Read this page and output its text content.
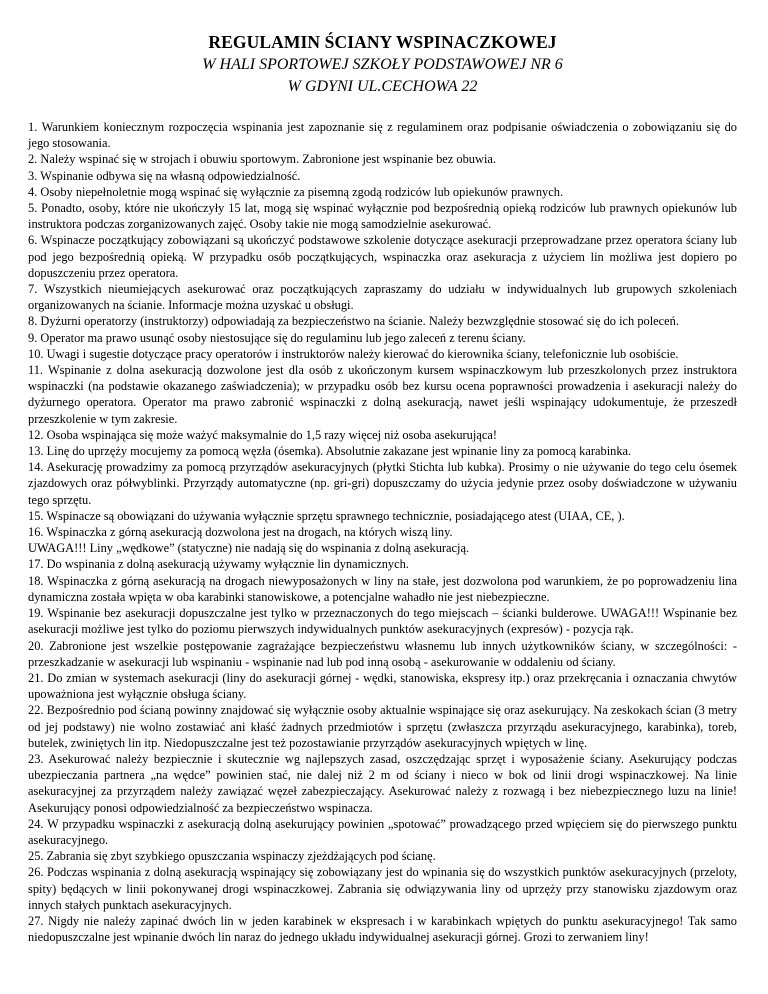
REGULAMIN ŚCIANY WSPINACZKOWEJ

W HALI SPORTOWEJ SZKOŁY PODSTAWOWEJ NR 6

W GDYNI UL.CECHOWA 22

1. Warunkiem koniecznym rozpoczęcia wspinania jest zapoznanie się z regulaminem oraz podpisanie oświadczenia o zobowiązaniu się do jego stosowania.

2. Należy wspinać się w strojach i obuwiu sportowym. Zabronione jest wspinanie bez obuwia.

3. Wspinanie odbywa się na własną odpowiedzialność.

4. Osoby niepełnoletnie mogą wspinać się wyłącznie za pisemną zgodą rodziców lub opiekunów prawnych.

5. Ponadto, osoby, które nie ukończyły 15 lat, mogą się wspinać wyłącznie pod bezpośrednią opieką rodziców lub prawnych opiekunów lub instruktora podczas zorganizowanych zajęć. Osoby takie nie mogą samodzielnie asekurować.

6. Wspinacze początkujący zobowiązani są ukończyć podstawowe szkolenie dotyczące asekuracji przeprowadzane przez operatora ściany lub pod jego bezpośrednią opieką. W przypadku osób początkujących, wspinaczka oraz asekuracja z użyciem lin możliwa jest dopiero po dopuszczeniu przez operatora.

7. Wszystkich nieumiejących asekurować oraz początkujących zapraszamy do udziału w indywidualnych lub grupowych szkoleniach organizowanych na ścianie. Informacje można uzyskać u obsługi.

8. Dyżurni operatorzy (instruktorzy) odpowiadają za bezpieczeństwo na ścianie. Należy bezwzględnie stosować się do ich poleceń.

9. Operator ma prawo usunąć osoby niestosujące się do regulaminu lub jego zaleceń z terenu ściany.

10. Uwagi i sugestie dotyczące pracy operatorów i instruktorów należy kierować do kierownika ściany, telefonicznie lub osobiście.

11. Wspinanie z dolna asekuracją dozwolone jest dla osób z ukończonym kursem wspinaczkowym lub przeszkolonych przez instruktora wspinaczki (na podstawie okazanego zaświadczenia); w przypadku osób bez kursu ocena poprawności prowadzenia i asekuracji należy do dyżurnego operatora. Operator ma prawo zabronić wspinaczki z dolną asekuracją, nawet jeśli wspinający udokumentuje, że przeszedł przeszkolenie w tym zakresie.

12. Osoba wspinająca się może ważyć maksymalnie do 1,5 razy więcej niż osoba asekurująca!

13. Linę do uprzęży mocujemy za pomocą węzła (ósemka). Absolutnie zakazane jest wpinanie liny za pomocą karabinka.

14. Asekurację prowadzimy za pomocą przyrządów asekuracyjnych (płytki Stichta lub kubka). Prosimy o nie używanie do tego celu ósemek zjazdowych oraz półwyblinki. Przyrządy automatyczne (np. gri-gri) dopuszczamy do użycia jedynie przez osoby doświadczone w używaniu tego sprzętu.

15. Wspinacze są obowiązani do używania wyłącznie sprzętu sprawnego technicznie, posiadającego atest (UIAA, CE, ).

16. Wspinaczka z górną asekuracją dozwolona jest na drogach, na których wiszą liny.

UWAGA!!! Liny „wędkowe” (statyczne) nie nadają się do wspinania z dolną asekuracją.

17. Do wspinania z dolną asekuracją używamy wyłącznie lin dynamicznych.

18. Wspinaczka z górną asekuracją na drogach niewyposażonych w liny na stałe, jest dozwolona pod warunkiem, że po poprowadzeniu lina dynamiczna została wpięta w oba karabinki stanowiskowe, a potencjalne wahadło nie jest niebezpieczne.

19. Wspinanie bez asekuracji dopuszczalne jest tylko w przeznaczonych do tego miejscach – ścianki bulderowe. UWAGA!!! Wspinanie bez asekuracji możliwe jest tylko do poziomu pierwszych indywidualnych punktów asekuracyjnych (expresów) - pozycja rąk.

20. Zabronione jest wszelkie postępowanie zagrażające bezpieczeństwu własnemu lub innych użytkowników ściany, w szczególności: - przeszkadzanie w asekuracji lub wspinaniu - wspinanie nad lub pod inną osobą - asekurowanie w oddaleniu od ściany.

21. Do zmian w systemach asekuracji (liny do asekuracji górnej - wędki, stanowiska, ekspresy itp.) oraz przekręcania i oznaczania chwytów upoważniona jest wyłącznie obsługa ściany.

22. Bezpośrednio pod ścianą powinny znajdować się wyłącznie osoby aktualnie wspinające się oraz asekurujący. Na zeskokach ścian (3 metry od jej podstawy) nie wolno zostawiać ani kłaść żadnych przedmiotów i sprzętu (zwłaszcza przyrządu asekuracyjnego, karabinka), toreb, butelek, zwiniętych lin itp. Niedopuszczalne jest też pozostawianie przyrządów asekuracyjnych wpiętych w linę.

23. Asekurować należy bezpiecznie i skutecznie wg najlepszych zasad, oszczędzając sprzęt i wyposażenie ściany. Asekurujący podczas ubezpieczania partnera „na wędce” powinien stać, nie dalej niż 2 m od ściany i nieco w bok od linii drogi wspinaczkowej. Na linie asekuracyjnej za przyrządem należy zawiązać węzeł zabezpieczający. Asekurować należy z rozwagą i bez niebezpiecznego luzu na linie! Asekurujący ponosi odpowiedzialność za bezpieczeństwo wspinacza.

24. W przypadku wspinaczki z asekuracją dolną asekurujący powinien „spotować” prowadzącego przed wpięciem się do pierwszego punktu asekuracyjnego.

25. Zabrania się zbyt szybkiego opuszczania wspinaczy zjeżdżających pod ścianę.

26. Podczas wspinania z dolną asekuracją wspinający się zobowiązany jest do wpinania się do wszystkich punktów asekuracyjnych (przeloty, spity) będących w linii pokonywanej drogi wspinaczkowej. Zabrania się odwiązywania liny od uprzęży przy stanowisku zjazdowym oraz innych stałych punktach asekuracyjnych.

27. Nigdy nie należy zapinać dwóch lin w jeden karabinek w ekspresach i w karabinkach wpiętych do punktu asekuracyjnego! Tak samo niedopuszczalne jest wpinanie dwóch lin naraz do jednego układu indywidualnej asekuracji górnej. Grozi to zerwaniem liny!
